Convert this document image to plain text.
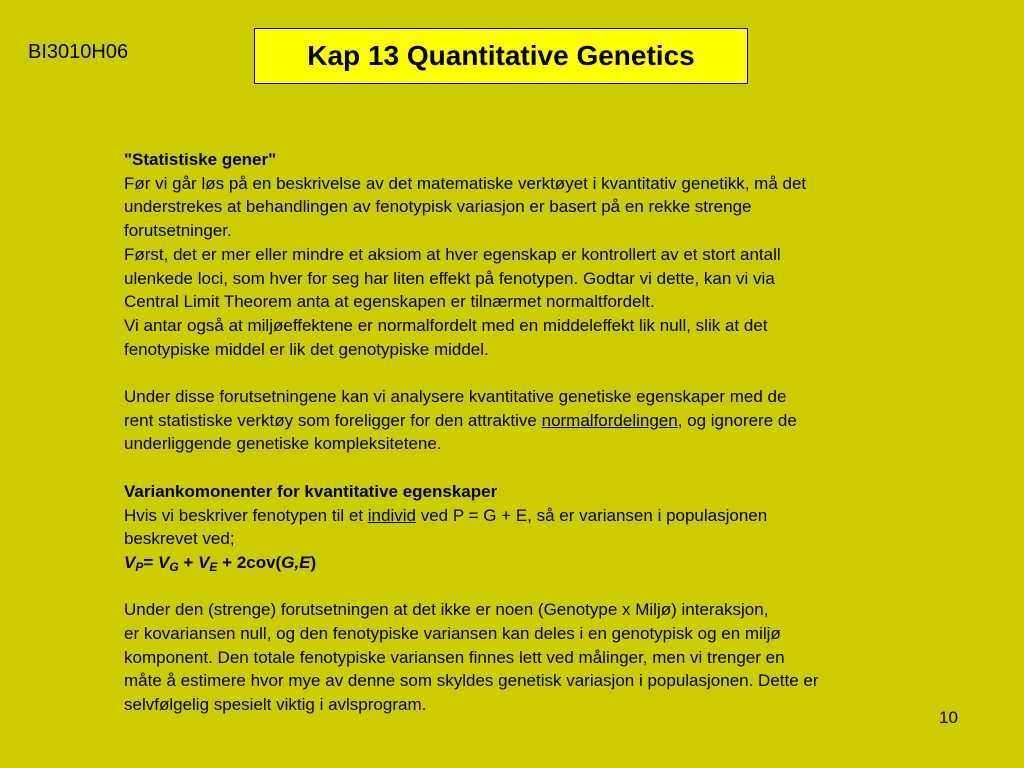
BI3010H06	Kap 13 Quantitative Genetics
"Statistiske gener"
Før vi går løs på en beskrivelse av det matematiske verktøyet i kvantitativ genetikk, må det
understrekes at behandlingen av fenotypisk variasjon er basert på en rekke strenge
forutsetninger.
Først, det er mer eller mindre et aksiom at hver egenskap er kontrollert av et stort antall
ulenkede loci, som hver for seg har liten effekt på fenotypen. Godtar vi dette, kan vi via
Central Limit Theorem anta at egenskapen er tilnærmet normaltfordelt.
Vi antar også at miljøeffektene er normalfordelt med en middeleffekt lik null, slik at det
fenotypiske middel er lik det genotypiske middel.
Under disse forutsetningene kan vi analysere kvantitative genetiske egenskaper med de
rent statistiske verktøy som foreligger for den attraktive normalfordelingen, og ignorere de
underliggende genetiske kompleksitetene.
Variankomonenter for kvantitative egenskaper
Hvis vi beskriver fenotypen til et individ ved P = G + E, så er variansen i populasjonen
beskrevet ved;
$V_P= V_G + V_E + 2cov(G,E)$
Under den (strenge) forutsetningen at det ikke er noen (Genotype x Miljø) interaksjon,
er kovariansen null, og den fenotypiske variansen kan deles i en genotypisk og en miljø
komponent. Den totale fenotypiske variansen finnes lett ved målinger, men vi trenger en
måte å estimere hvor mye av denne som skyldes genetisk variasjon i populasjonen. Dette er
selvfølgelig spesielt viktig i avlsprogram.
10
